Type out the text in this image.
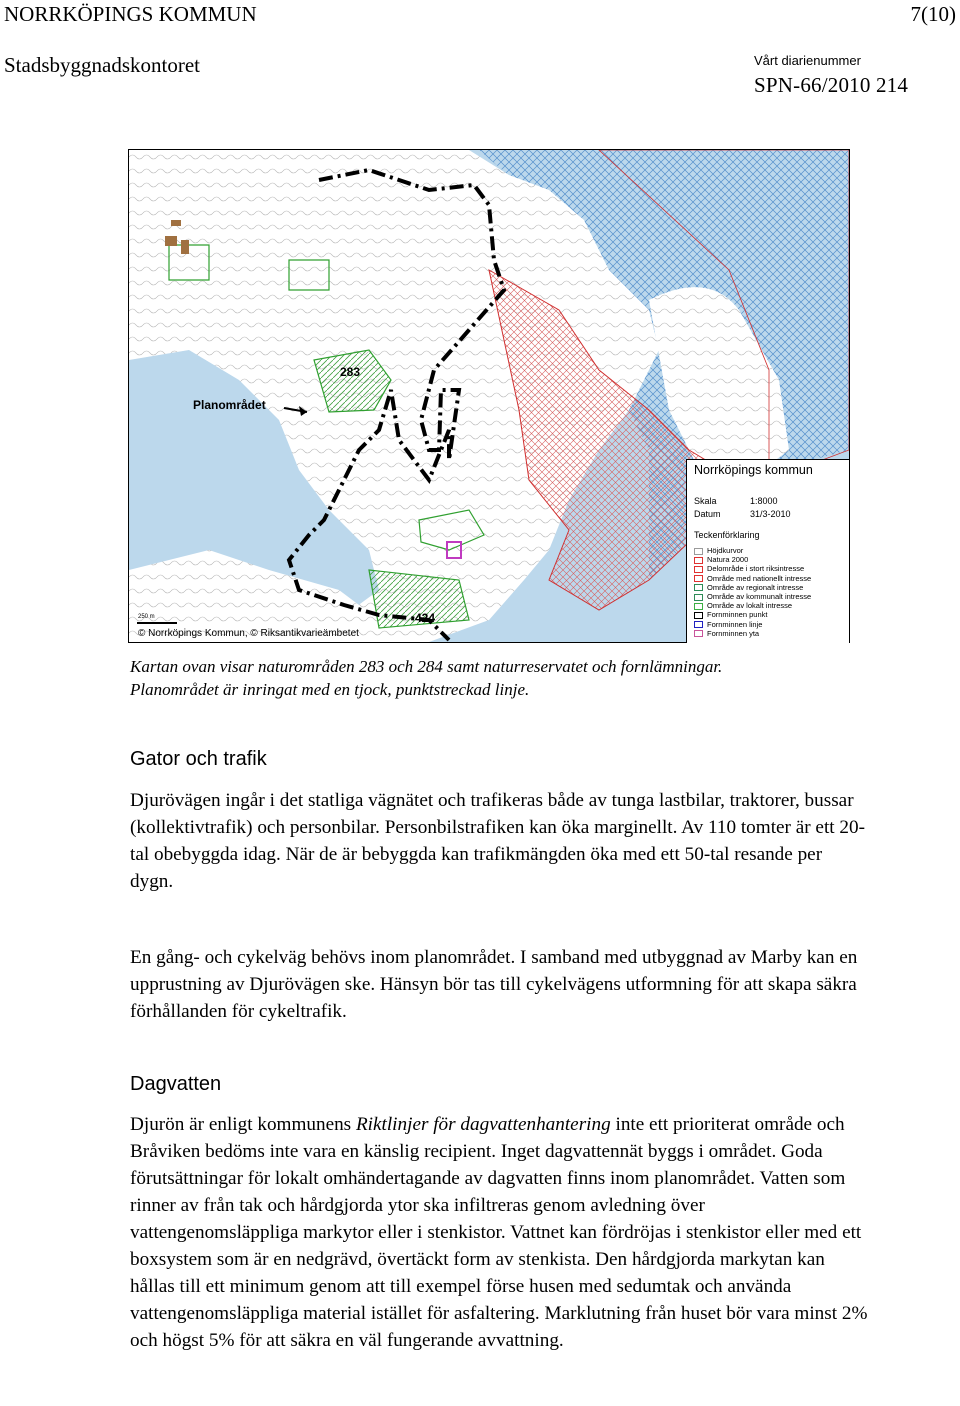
NORRKÖPINGS KOMMUN	7(10)
Stadsbyggnadskontoret	Vårt diarienummer
SPN-66/2010 214
283
424
Planområdet
250 m
© Norrköpings Kommun, © Riksantikvarieämbetet
Norrköpings kommun
Skala	1:8000
Datum	31/3-2010
Teckenförklaring
Höjdkurvor
Natura 2000
Delområde i stort riksintresse
Område med nationellt intresse
Område av regionalt intresse
Område av kommunalt intresse
Område av lokalt intresse
Fornminnen punkt
Fornminnen linje
Fornminnen yta
Kartan ovan visar naturområden 283 och 284 samt naturreservatet och fornlämningar.
Planområdet är inringat med en tjock, punktstreckad linje.
Gator och trafik
Djurövägen ingår i det statliga vägnätet och trafikeras både av tunga lastbilar, traktorer, bussar (kollektivtrafik) och personbilar. Personbilstrafiken kan öka marginellt. Av 110 tomter är ett 20-tal obebyggda idag. När de är bebyggda kan trafikmängden öka med ett 50-tal resande per dygn.
En gång- och cykelväg behövs inom planområdet. I samband med utbyggnad av Marby kan en upprustning av Djurövägen ske. Hänsyn bör tas till cykelvägens utformning för att skapa säkra förhållanden för cykeltrafik.
Dagvatten
Djurön är enligt kommunens Riktlinjer för dagvattenhantering inte ett prioriterat område och Bråviken bedöms inte vara en känslig recipient. Inget dagvattennät byggs i området. Goda förutsättningar för lokalt omhändertagande av dagvatten finns inom planområdet. Vatten som rinner av från tak och hårdgjorda ytor ska infiltreras genom avledning över vattengenomsläppliga markytor eller i stenkistor. Vattnet kan fördröjas i stenkistor eller med ett boxsystem som är en nedgrävd, övertäckt form av stenkista. Den hårdgjorda markytan kan hållas till ett minimum genom att till exempel förse husen med sedumtak och använda vattengenomsläppliga material istället för asfaltering. Marklutning från huset bör vara minst 2% och högst 5% för att säkra en väl fungerande avvattning.
